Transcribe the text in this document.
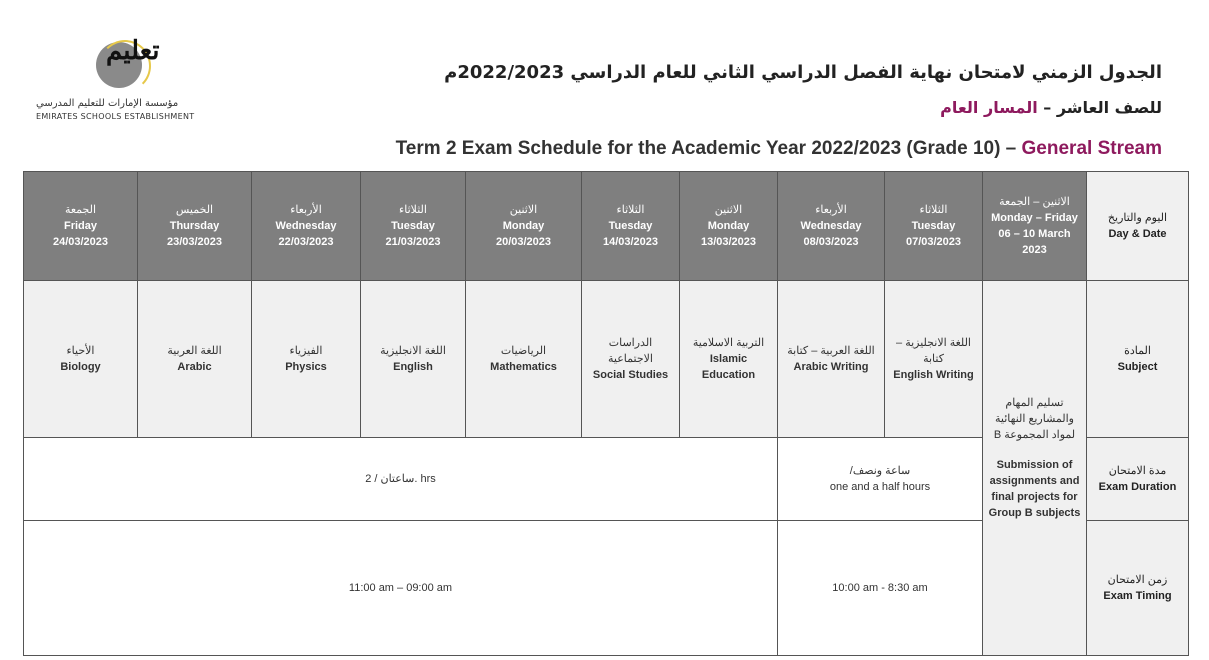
تعليم
مؤسسة الإمارات للتعليم المدرسي
EMIRATES SCHOOLS ESTABLISHMENT
الجدول الزمني لامتحان نهاية الفصل الدراسي الثاني للعام الدراسي 2022/2023م
للصف العاشر – المسار العام
Term 2 Exam Schedule for the Academic Year 2022/2023 (Grade 10) – General Stream
الجمعة
Friday
24/03/2023	الخميس
Thursday
23/03/2023	الأربعاء
Wednesday
22/03/2023	الثلاثاء
Tuesday
21/03/2023	الاثنين
Monday
20/03/2023	الثلاثاء
Tuesday
14/03/2023	الاثنين
Monday
13/03/2023	الأربعاء
Wednesday
08/03/2023	الثلاثاء
Tuesday
07/03/2023	الاثنين – الجمعة
Monday – Friday
06 – 10 March 2023	اليوم والتاريخ
Day & Date

الأحياء
Biology	اللغة العربية
Arabic	الفيزياء
Physics	اللغة الانجليزية
English	الرياضيات
Mathematics	الدراسات الاجتماعية
Social Studies	التربية الاسلامية
Islamic Education	اللغة العربية – كتابة
Arabic Writing	اللغة الانجليزية – كتابة
English Writing	تسليم المهام والمشاريع النهائية لمواد المجموعة B
Submission of assignments and final projects for Group B subjects	المادة
Subject
ساعتان / 2. hrs							ساعة ونصف/
one and a half hours			مدة الامتحان
Exam Duration
11:00 am – 09:00 am							10:00 am - 8:30 am			زمن الامتحان
Exam Timing
